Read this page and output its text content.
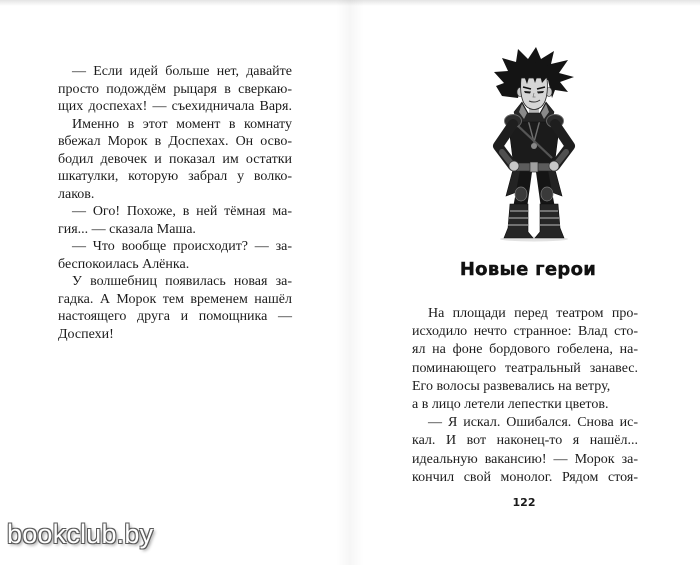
— Если идей больше нет, давайте
просто подождём рыцаря в сверкаю-
щих доспехах! — съехидничала Варя.
Именно в этот момент в комнату
вбежал Морок в Доспехах. Он осво-
бодил девочек и показал им остатки
шкатулки, которую забрал у волко-
лаков.
— Ого! Похоже, в ней тёмная ма-
гия... — сказала Маша.
— Что вообще происходит? — за-
беспокоилась Алёнка.
У волшебниц появилась новая за-
гадка. А Морок тем временем нашёл
настоящего друга и помощника —
Доспехи!
Новые герои
На площади перед театром про-
исходило нечто странное: Влад сто-
ял на фоне бордового гобелена, на-
поминающего театральный занавес.
Его волосы развевались на ветру,
а в лицо летели лепестки цветов.
— Я искал. Ошибался. Снова ис-
кал. И вот наконец-то я нашёл...
идеальную вакансию! — Морок за-
кончил свой монолог. Рядом стоя-
122
bookclub.by
